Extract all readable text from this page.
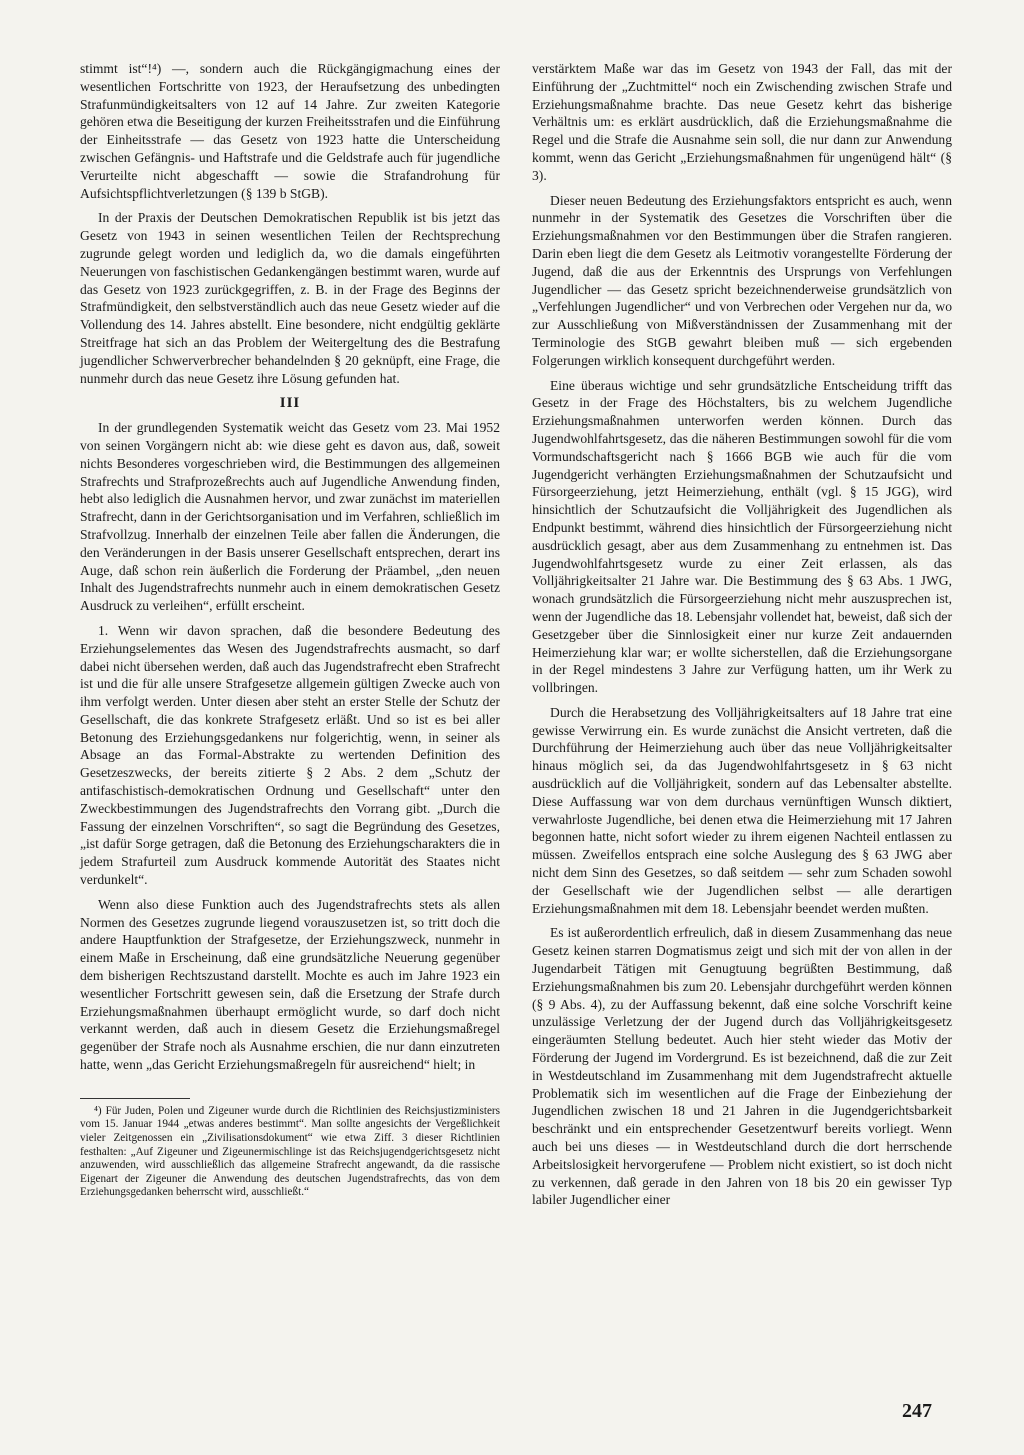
stimmt ist“!⁴) —, sondern auch die Rückgängigmachung eines der wesentlichen Fortschritte von 1923, der Heraufsetzung des unbedingten Strafunmündigkeitsalters von 12 auf 14 Jahre. Zur zweiten Kategorie gehören etwa die Beseitigung der kurzen Freiheitsstrafen und die Einführung der Einheitsstrafe — das Gesetz von 1923 hatte die Unterscheidung zwischen Gefängnis- und Haftstrafe und die Geldstrafe auch für jugendliche Verurteilte nicht abgeschafft — sowie die Strafandrohung für Aufsichtspflichtverletzungen (§ 139 b StGB).

In der Praxis der Deutschen Demokratischen Republik ist bis jetzt das Gesetz von 1943 in seinen wesentlichen Teilen der Rechtsprechung zugrunde gelegt worden und lediglich da, wo die damals eingeführten Neuerungen von faschistischen Gedankengängen bestimmt waren, wurde auf das Gesetz von 1923 zurückgegriffen, z. B. in der Frage des Beginns der Strafmündigkeit, den selbstverständlich auch das neue Gesetz wieder auf die Vollendung des 14. Jahres abstellt. Eine besondere, nicht endgültig geklärte Streitfrage hat sich an das Problem der Weitergeltung des die Bestrafung jugendlicher Schwerverbrecher behandelnden § 20 geknüpft, eine Frage, die nunmehr durch das neue Gesetz ihre Lösung gefunden hat.

III

In der grundlegenden Systematik weicht das Gesetz vom 23. Mai 1952 von seinen Vorgängern nicht ab: wie diese geht es davon aus, daß, soweit nichts Besonderes vorgeschrieben wird, die Bestimmungen des allgemeinen Strafrechts und Strafprozeßrechts auch auf Jugendliche Anwendung finden, hebt also lediglich die Ausnahmen hervor, und zwar zunächst im materiellen Strafrecht, dann in der Gerichtsorganisation und im Verfahren, schließlich im Strafvollzug. Innerhalb der einzelnen Teile aber fallen die Änderungen, die den Veränderungen in der Basis unserer Gesellschaft entsprechen, derart ins Auge, daß schon rein äußerlich die Forderung der Präambel, „den neuen Inhalt des Jugendstrafrechts nunmehr auch in einem demokratischen Gesetz Ausdruck zu verleihen“, erfüllt erscheint.

1. Wenn wir davon sprachen, daß die besondere Bedeutung des Erziehungselementes das Wesen des Jugendstrafrechts ausmacht, so darf dabei nicht übersehen werden, daß auch das Jugendstrafrecht eben Strafrecht ist und die für alle unsere Strafgesetze allgemein gültigen Zwecke auch von ihm verfolgt werden. Unter diesen aber steht an erster Stelle der Schutz der Gesellschaft, die das konkrete Strafgesetz erläßt. Und so ist es bei aller Betonung des Erziehungsgedankens nur folgerichtig, wenn, in seiner als Absage an das Formal-Abstrakte zu wertenden Definition des Gesetzeszwecks, der bereits zitierte § 2 Abs. 2 dem „Schutz der antifaschistisch-demokratischen Ordnung und Gesellschaft“ unter den Zweckbestimmungen des Jugendstrafrechts den Vorrang gibt. „Durch die Fassung der einzelnen Vorschriften“, so sagt die Begründung des Gesetzes, „ist dafür Sorge getragen, daß die Betonung des Erziehungscharakters die in jedem Strafurteil zum Ausdruck kommende Autorität des Staates nicht verdunkelt“.

Wenn also diese Funktion auch des Jugendstrafrechts stets als allen Normen des Gesetzes zugrunde liegend vorauszusetzen ist, so tritt doch die andere Hauptfunktion der Strafgesetze, der Erziehungszweck, nunmehr in einem Maße in Erscheinung, daß eine grundsätzliche Neuerung gegenüber dem bisherigen Rechtszustand darstellt. Mochte es auch im Jahre 1923 ein wesentlicher Fortschritt gewesen sein, daß die Ersetzung der Strafe durch Erziehungsmaßnahmen überhaupt ermöglicht wurde, so darf doch nicht verkannt werden, daß auch in diesem Gesetz die Erziehungsmaßregel gegenüber der Strafe noch als Ausnahme erschien, die nur dann einzutreten hatte, wenn „das Gericht Erziehungsmaßregeln für ausreichend“ hielt; in

⁴) Für Juden, Polen und Zigeuner wurde durch die Richtlinien des Reichsjustizministers vom 15. Januar 1944 „etwas anderes bestimmt“. Man sollte angesichts der Vergeßlichkeit vieler Zeitgenossen ein „Zivilisationsdokument“ wie etwa Ziff. 3 dieser Richtlinien festhalten: „Auf Zigeuner und Zigeunermischlinge ist das Reichsjugendgerichtsgesetz nicht anzuwenden, wird ausschließlich das allgemeine Strafrecht angewandt, da die rassische Eigenart der Zigeuner die Anwendung des deutschen Jugendstrafrechts, das von dem Erziehungsgedanken beherrscht wird, ausschließt.“

verstärktem Maße war das im Gesetz von 1943 der Fall, das mit der Einführung der „Zuchtmittel“ noch ein Zwischending zwischen Strafe und Erziehungsmaßnahme brachte. Das neue Gesetz kehrt das bisherige Verhältnis um: es erklärt ausdrücklich, daß die Erziehungsmaßnahme die Regel und die Strafe die Ausnahme sein soll, die nur dann zur Anwendung kommt, wenn das Gericht „Erziehungsmaßnahmen für ungenügend hält“ (§ 3).

Dieser neuen Bedeutung des Erziehungsfaktors entspricht es auch, wenn nunmehr in der Systematik des Gesetzes die Vorschriften über die Erziehungsmaßnahmen vor den Bestimmungen über die Strafen rangieren. Darin eben liegt die dem Gesetz als Leitmotiv vorangestellte Förderung der Jugend, daß die aus der Erkenntnis des Ursprungs von Verfehlungen Jugendlicher — das Gesetz spricht bezeichnenderweise grundsätzlich von „Verfehlungen Jugendlicher“ und von Verbrechen oder Vergehen nur da, wo zur Ausschließung von Mißverständnissen der Zusammenhang mit der Terminologie des StGB gewahrt bleiben muß — sich ergebenden Folgerungen wirklich konsequent durchgeführt werden.

Eine überaus wichtige und sehr grundsätzliche Entscheidung trifft das Gesetz in der Frage des Höchstalters, bis zu welchem Jugendliche Erziehungsmaßnahmen unterworfen werden können. Durch das Jugendwohlfahrtsgesetz, das die näheren Bestimmungen sowohl für die vom Vormundschaftsgericht nach § 1666 BGB wie auch für die vom Jugendgericht verhängten Erziehungsmaßnahmen der Schutzaufsicht und Fürsorgeerziehung, jetzt Heimerziehung, enthält (vgl. § 15 JGG), wird hinsichtlich der Schutzaufsicht die Volljährigkeit des Jugendlichen als Endpunkt bestimmt, während dies hinsichtlich der Fürsorgeerziehung nicht ausdrücklich gesagt, aber aus dem Zusammenhang zu entnehmen ist. Das Jugendwohlfahrtsgesetz wurde zu einer Zeit erlassen, als das Volljährigkeitsalter 21 Jahre war. Die Bestimmung des § 63 Abs. 1 JWG, wonach grundsätzlich die Fürsorgeerziehung nicht mehr auszusprechen ist, wenn der Jugendliche das 18. Lebensjahr vollendet hat, beweist, daß sich der Gesetzgeber über die Sinnlosigkeit einer nur kurze Zeit andauernden Heimerziehung klar war; er wollte sicherstellen, daß die Erziehungsorgane in der Regel mindestens 3 Jahre zur Verfügung hatten, um ihr Werk zu vollbringen.

Durch die Herabsetzung des Volljährigkeitsalters auf 18 Jahre trat eine gewisse Verwirrung ein. Es wurde zunächst die Ansicht vertreten, daß die Durchführung der Heimerziehung auch über das neue Volljährigkeitsalter hinaus möglich sei, da das Jugendwohlfahrtsgesetz in § 63 nicht ausdrücklich auf die Volljährigkeit, sondern auf das Lebensalter abstellte. Diese Auffassung war von dem durchaus vernünftigen Wunsch diktiert, verwahrloste Jugendliche, bei denen etwa die Heimerziehung mit 17 Jahren begonnen hatte, nicht sofort wieder zu ihrem eigenen Nachteil entlassen zu müssen. Zweifellos entsprach eine solche Auslegung des § 63 JWG aber nicht dem Sinn des Gesetzes, so daß seitdem — sehr zum Schaden sowohl der Gesellschaft wie der Jugendlichen selbst — alle derartigen Erziehungsmaßnahmen mit dem 18. Lebensjahr beendet werden mußten.

Es ist außerordentlich erfreulich, daß in diesem Zusammenhang das neue Gesetz keinen starren Dogmatismus zeigt und sich mit der von allen in der Jugendarbeit Tätigen mit Genugtuung begrüßten Bestimmung, daß Erziehungsmaßnahmen bis zum 20. Lebensjahr durchgeführt werden können (§ 9 Abs. 4), zu der Auffassung bekennt, daß eine solche Vorschrift keine unzulässige Verletzung der der Jugend durch das Volljährigkeitsgesetz eingeräumten Stellung bedeutet. Auch hier steht wieder das Motiv der Förderung der Jugend im Vordergrund. Es ist bezeichnend, daß die zur Zeit in Westdeutschland im Zusammenhang mit dem Jugendstrafrecht aktuelle Problematik sich im wesentlichen auf die Frage der Einbeziehung der Jugendlichen zwischen 18 und 21 Jahren in die Jugendgerichtsbarkeit beschränkt und ein entsprechender Gesetzentwurf bereits vorliegt. Wenn auch bei uns dieses — in Westdeutschland durch die dort herrschende Arbeitslosigkeit hervorgerufene — Problem nicht existiert, so ist doch nicht zu verkennen, daß gerade in den Jahren von 18 bis 20 ein gewisser Typ labiler Jugendlicher einer

247
